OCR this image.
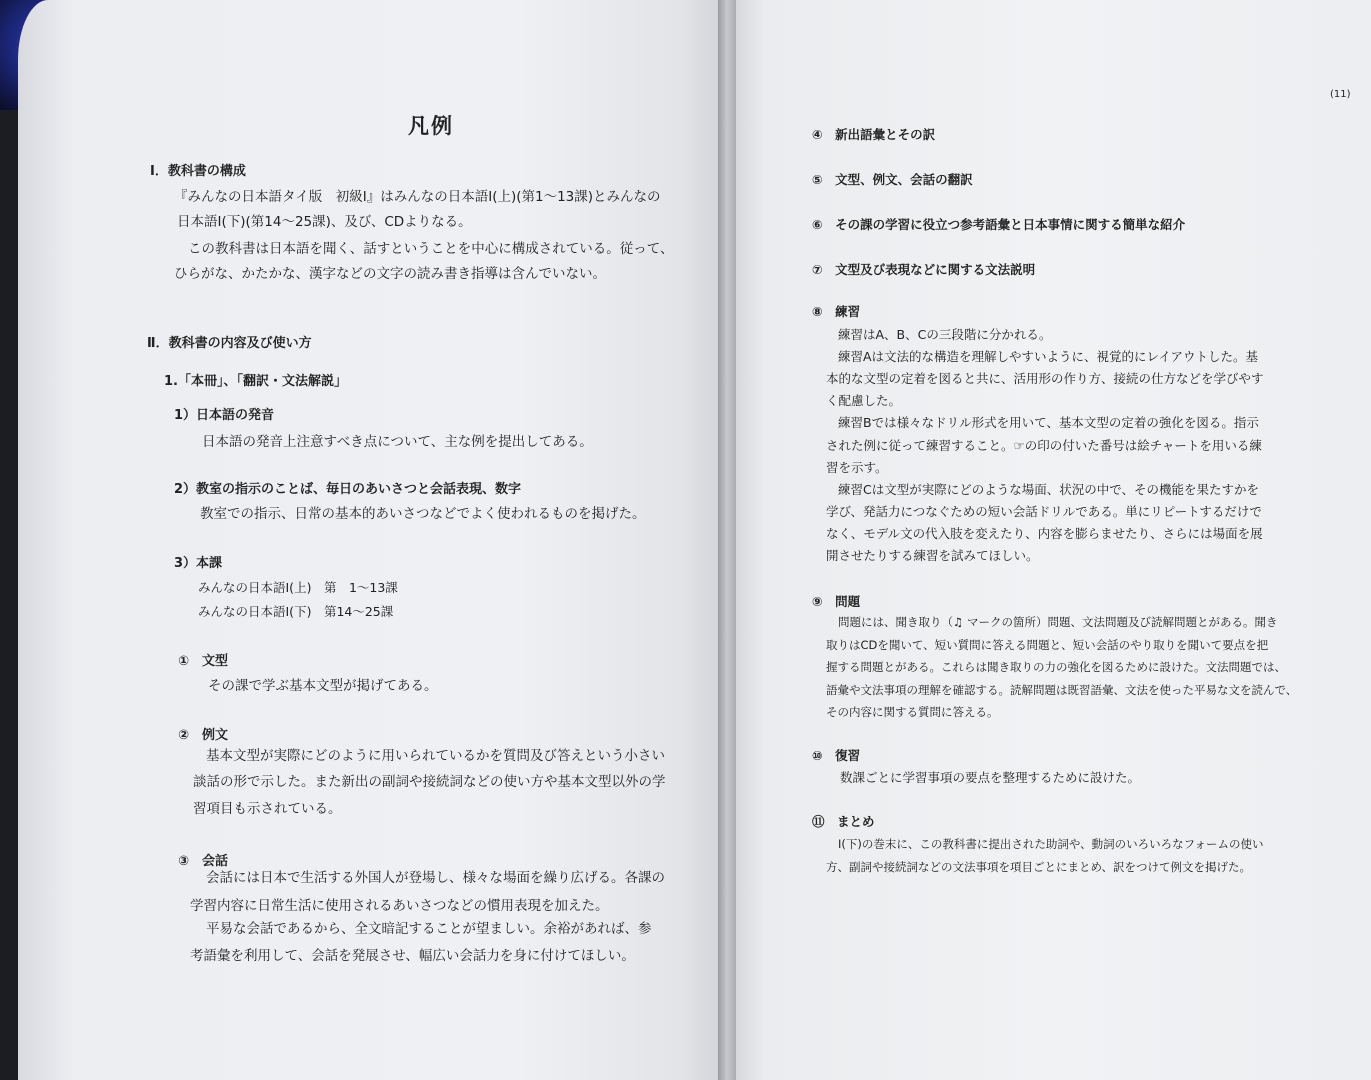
凡例
Ⅰ．教科書の構成
『みんなの日本語タイ版　初級Ⅰ』はみんなの日本語Ⅰ(上)(第1～13課)とみんなの
日本語Ⅰ(下)(第14～25課)、及び、CDよりなる。
この教科書は日本語を聞く、話すということを中心に構成されている。従って、
ひらがな、かたかな、漢字などの文字の読み書き指導は含んでいない。
Ⅱ．教科書の内容及び使い方
1.「本冊」、「翻訳・文法解説」
1）日本語の発音
日本語の発音上注意すべき点について、主な例を提出してある。
2）教室の指示のことば、毎日のあいさつと会話表現、数字
教室での指示、日常の基本的あいさつなどでよく使われるものを掲げた。
3）本課
みんなの日本語Ⅰ(上)　第　1～13課
みんなの日本語Ⅰ(下)　第14～25課
①　文型
その課で学ぶ基本文型が掲げてある。
②　例文
基本文型が実際にどのように用いられているかを質問及び答えという小さい
談話の形で示した。また新出の副詞や接続詞などの使い方や基本文型以外の学
習項目も示されている。
③　会話
会話には日本で生活する外国人が登場し、様々な場面を繰り広げる。各課の
学習内容に日常生活に使用されるあいさつなどの慣用表現を加えた。
平易な会話であるから、全文暗記することが望ましい。余裕があれば、参
考語彙を利用して、会話を発展させ、幅広い会話力を身に付けてほしい。
(11)
④　新出語彙とその訳
⑤　文型、例文、会話の翻訳
⑥　その課の学習に役立つ参考語彙と日本事情に関する簡単な紹介
⑦　文型及び表現などに関する文法説明
⑧　練習
練習はA、B、Cの三段階に分かれる。
練習Aは文法的な構造を理解しやすいように、視覚的にレイアウトした。基
本的な文型の定着を図ると共に、活用形の作り方、接続の仕方などを学びやす
く配慮した。
練習Bでは様々なドリル形式を用いて、基本文型の定着の強化を図る。指示
された例に従って練習すること。☞の印の付いた番号は絵チャートを用いる練
習を示す。
練習Cは文型が実際にどのような場面、状況の中で、その機能を果たすかを
学び、発話力につなぐための短い会話ドリルである。単にリピートするだけで
なく、モデル文の代入肢を変えたり、内容を膨らませたり、さらには場面を展
開させたりする練習を試みてほしい。
⑨　問題
問題には、聞き取り（♫ マークの箇所）問題、文法問題及び読解問題とがある。聞き
取りはCDを聞いて、短い質問に答える問題と、短い会話のやり取りを聞いて要点を把
握する問題とがある。これらは聞き取りの力の強化を図るために設けた。文法問題では、
語彙や文法事項の理解を確認する。読解問題は既習語彙、文法を使った平易な文を読んで、
その内容に関する質問に答える。
⑩　復習
数課ごとに学習事項の要点を整理するために設けた。
⑪　まとめ
Ⅰ(下)の巻末に、この教科書に提出された助詞や、動詞のいろいろなフォームの使い
方、副詞や接続詞などの文法事項を項目ごとにまとめ、訳をつけて例文を掲げた。
